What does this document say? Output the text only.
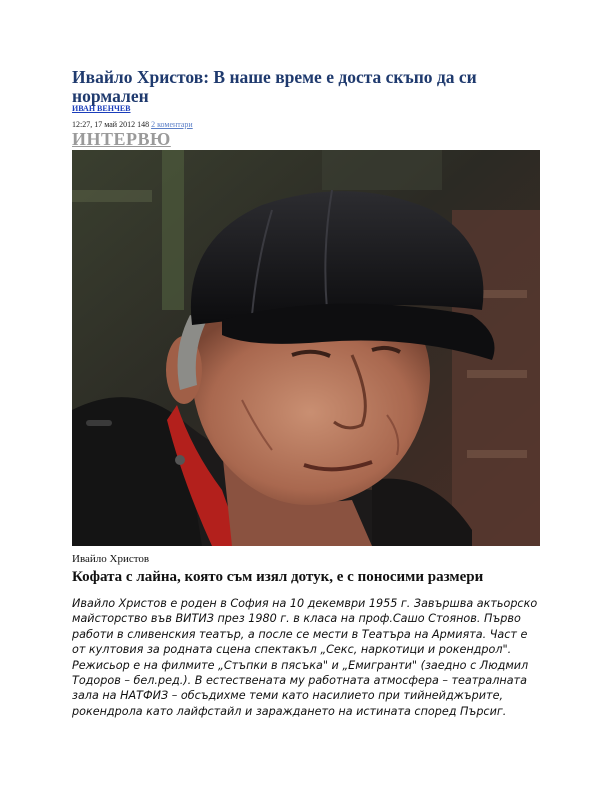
Ивайло Христов: В наше време е доста скъпо да си нормален
ИВАН ВЕНЧЕВ
12:27, 17 май 2012 148 2 коментари
ИНТЕРВЮ
Ивайло Христов
Кофата с лайна, която съм изял дотук, е с поносими размери

Ивайло Христов е роден в София на 10 декември 1955 г. Завършва актьорско майсторство във ВИТИЗ през 1980 г. в класа на проф.Сашо Стоянов. Първо работи в сливенския театър, а после се мести в Театъра на Армията. Част е от култовия за родната сцена спектакъл „Секс, наркотици и рокендрол". Режисьор е на филмите „Стъпки в пясъка" и „Емигранти" (заедно с Людмил Тодоров – бел.ред.). В естествената му работната атмосфера – театралната зала на НАТФИЗ – обсъдихме теми като насилието при тийнейджърите, рокендрола като лайфстайл и зараждането на истината според Пърсиг.
